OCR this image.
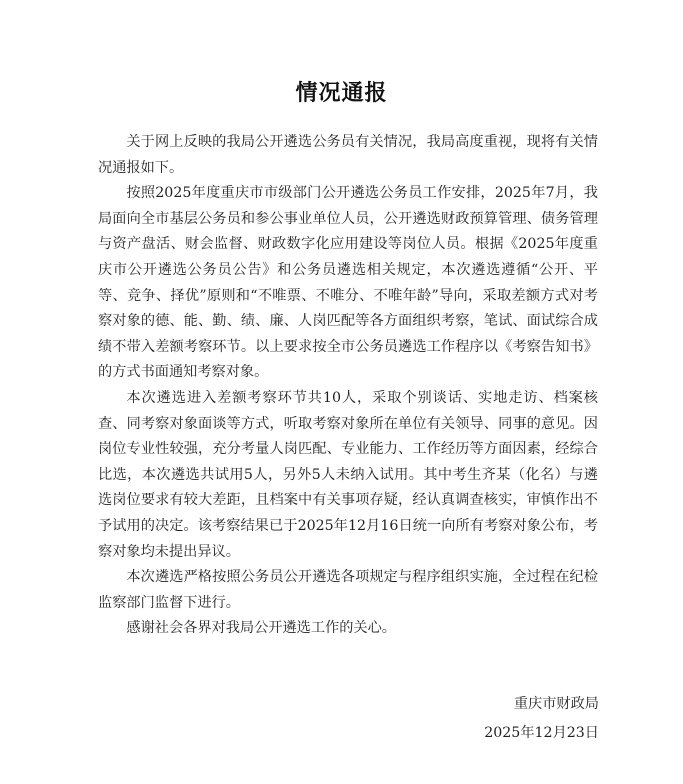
情况通报

关于网上反映的我局公开遴选公务员有关情况，我局高度重视，现将有关情况通报如下。

按照2025年度重庆市市级部门公开遴选公务员工作安排，2025年7月，我局面向全市基层公务员和参公事业单位人员，公开遴选财政预算管理、债务管理与资产盘活、财会监督、财政数字化应用建设等岗位人员。根据《2025年度重庆市公开遴选公务员公告》和公务员遴选相关规定，本次遴选遵循“公开、平等、竞争、择优”原则和“不唯票、不唯分、不唯年龄”导向，采取差额方式对考察对象的德、能、勤、绩、廉、人岗匹配等各方面组织考察，笔试、面试综合成绩不带入差额考察环节。以上要求按全市公务员遴选工作程序以《考察告知书》的方式书面通知考察对象。

本次遴选进入差额考察环节共10人，采取个别谈话、实地走访、档案核查、同考察对象面谈等方式，听取考察对象所在单位有关领导、同事的意见。因岗位专业性较强，充分考量人岗匹配、专业能力、工作经历等方面因素，经综合比选，本次遴选共试用5人，另外5人未纳入试用。其中考生齐某（化名）与遴选岗位要求有较大差距，且档案中有关事项存疑，经认真调查核实，审慎作出不予试用的决定。该考察结果已于2025年12月16日统一向所有考察对象公布，考察对象均未提出异议。

本次遴选严格按照公务员公开遴选各项规定与程序组织实施，全过程在纪检监察部门监督下进行。

感谢社会各界对我局公开遴选工作的关心。

重庆市财政局
2025年12月23日
